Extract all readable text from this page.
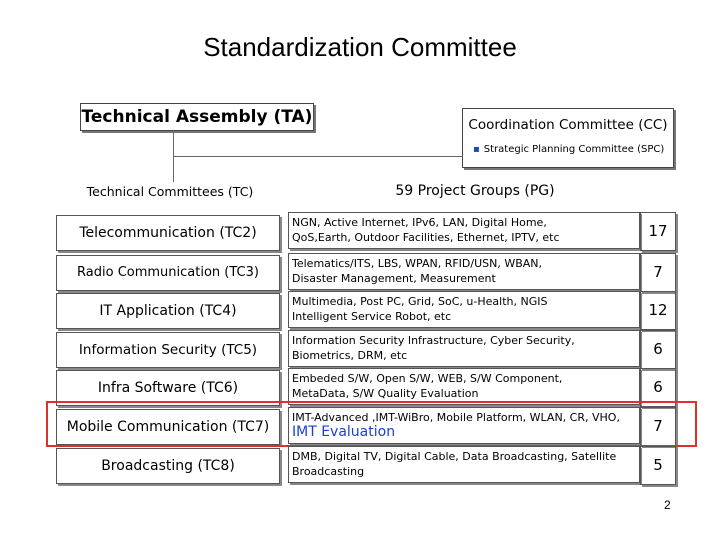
Standardization Committee
Technical Assembly (TA)	Coordination Committee (CC)
▪ Strategic Planning Committee (SPC)
Technical Committees (TC)	59 Project Groups (PG)
Telecommunication (TC2)
NGN, Active Internet, IPv6, LAN, Digital Home,
QoS,Earth, Outdoor Facilities, Ethernet, IPTV, etc	17
Radio Communication (TC3)
Telematics/ITS, LBS, WPAN, RFID/USN, WBAN,
Disaster Management, Measurement	7
IT Application (TC4)
Multimedia, Post PC, Grid, SoC, u-Health, NGIS
Intelligent Service Robot, etc	12
Information Security (TC5)
Information Security Infrastructure, Cyber Security,
Biometrics, DRM, etc	6
Infra Software (TC6)
Embeded S/W, Open S/W, WEB, S/W Component,
MetaData, S/W Quality Evaluation	6
Mobile Communication (TC7)
IMT-Advanced ,IMT-WiBro, Mobile Platform, WLAN, CR, VHO,
IMT Evaluation	7
Broadcasting (TC8)
DMB, Digital TV, Digital Cable, Data Broadcasting, Satellite
Broadcasting	5
2
